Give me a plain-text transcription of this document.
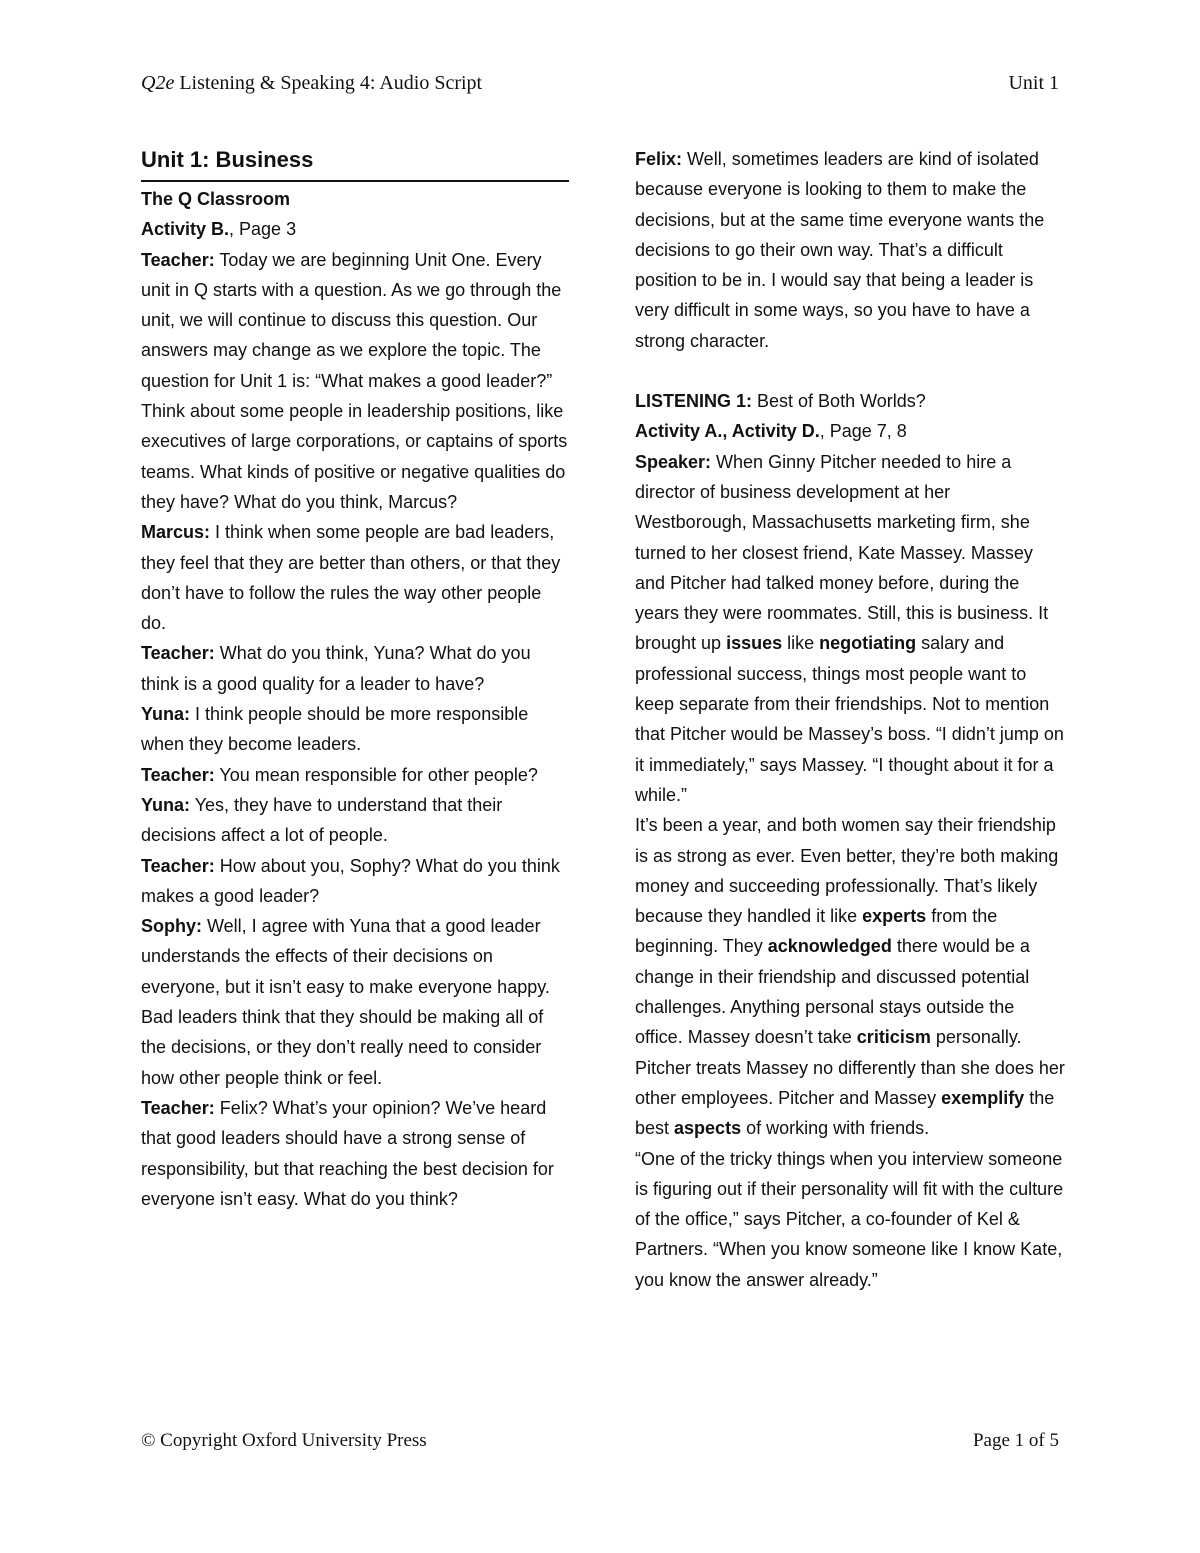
Q2e Listening & Speaking 4: Audio Script	Unit 1
Unit 1: Business

The Q Classroom

Activity B., Page 3

Teacher: Today we are beginning Unit One. Every unit in Q starts with a question. As we go through the unit, we will continue to discuss this question. Our answers may change as we explore the topic. The question for Unit 1 is: “What makes a good leader?” Think about some people in leadership positions, like executives of large corporations, or captains of sports teams. What kinds of positive or negative qualities do they have? What do you think, Marcus?

Marcus: I think when some people are bad leaders, they feel that they are better than others, or that they don’t have to follow the rules the way other people do.

Teacher: What do you think, Yuna? What do you think is a good quality for a leader to have?

Yuna: I think people should be more responsible when they become leaders.

Teacher: You mean responsible for other people?

Yuna: Yes, they have to understand that their decisions affect a lot of people.

Teacher: How about you, Sophy? What do you think makes a good leader?

Sophy: Well, I agree with Yuna that a good leader understands the effects of their decisions on everyone, but it isn’t easy to make everyone happy. Bad leaders think that they should be making all of the decisions, or they don’t really need to consider how other people think or feel.

Teacher: Felix? What’s your opinion? We’ve heard that good leaders should have a strong sense of responsibility, but that reaching the best decision for everyone isn’t easy. What do you think?

Felix: Well, sometimes leaders are kind of isolated because everyone is looking to them to make the decisions, but at the same time everyone wants the decisions to go their own way. That’s a difficult position to be in. I would say that being a leader is very difficult in some ways, so you have to have a strong character.

LISTENING 1: Best of Both Worlds?

Activity A., Activity D., Page 7, 8

Speaker: When Ginny Pitcher needed to hire a director of business development at her Westborough, Massachusetts marketing firm, she turned to her closest friend, Kate Massey. Massey and Pitcher had talked money before, during the years they were roommates. Still, this is business. It brought up issues like negotiating salary and professional success, things most people want to keep separate from their friendships. Not to mention that Pitcher would be Massey’s boss. “I didn’t jump on it immediately,” says Massey. “I thought about it for a while.”

It’s been a year, and both women say their friendship is as strong as ever. Even better, they’re both making money and succeeding professionally. That’s likely because they handled it like experts from the beginning. They acknowledged there would be a change in their friendship and discussed potential challenges. Anything personal stays outside the office. Massey doesn’t take criticism personally. Pitcher treats Massey no differently than she does her other employees. Pitcher and Massey exemplify the best aspects of working with friends.

“One of the tricky things when you interview someone is figuring out if their personality will fit with the culture of the office,” says Pitcher, a co-founder of Kel & Partners. “When you know someone like I know Kate, you know the answer already.”

© Copyright Oxford University Press	Page 1 of 5
